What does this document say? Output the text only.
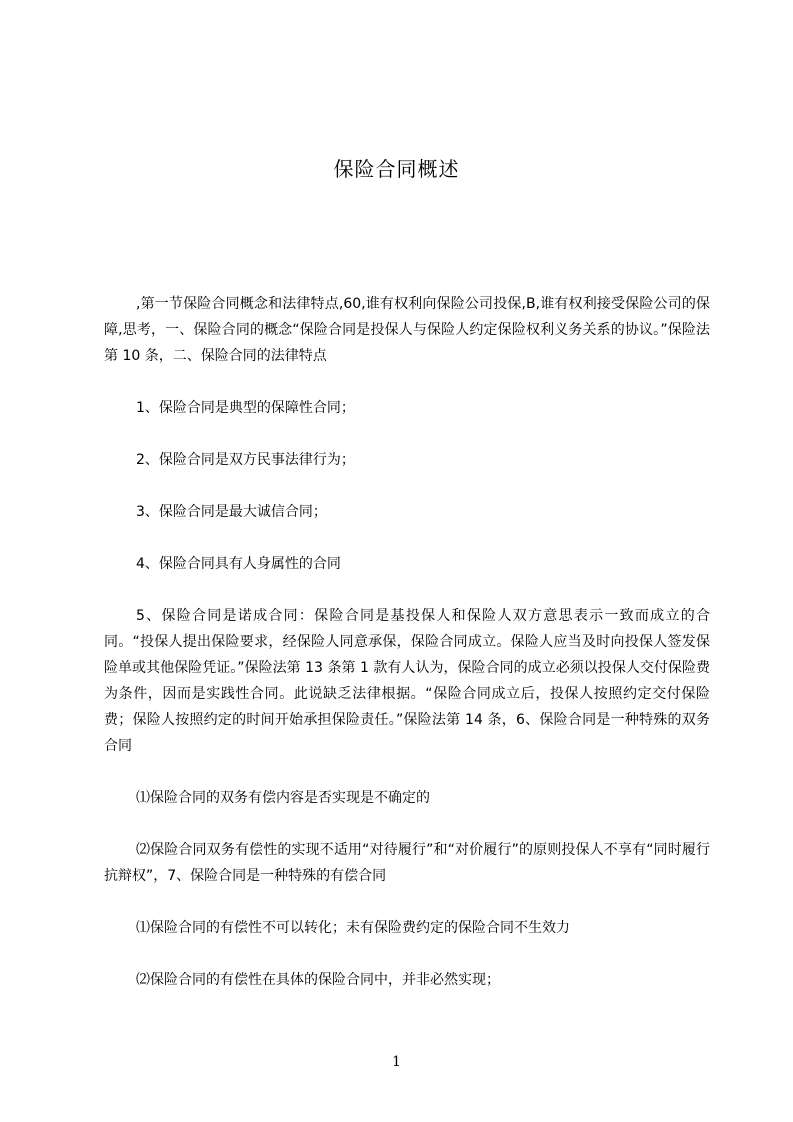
保险合同概述

,第一节保险合同概念和法律特点,60,谁有权利向保险公司投保,B,谁有权利接受保险公司的保障,思考，一、保险合同的概念“保险合同是投保人与保险人约定保险权利义务关系的协议。”保险法第 10 条，二、保险合同的法律特点

1、保险合同是典型的保障性合同；

2、保险合同是双方民事法律行为；

3、保险合同是最大诚信合同；

4、保险合同具有人身属性的合同

5、保险合同是诺成合同：保险合同是基投保人和保险人双方意思表示一致而成立的合同。“投保人提出保险要求，经保险人同意承保，保险合同成立。保险人应当及时向投保人签发保险单或其他保险凭证。”保险法第 13 条第 1 款有人认为，保险合同的成立必须以投保人交付保险费为条件，因而是实践性合同。此说缺乏法律根据。“保险合同成立后，投保人按照约定交付保险费；保险人按照约定的时间开始承担保险责任。”保险法第 14 条，6、保险合同是一种特殊的双务合同

⑴保险合同的双务有偿内容是否实现是不确定的

⑵保险合同双务有偿性的实现不适用“对待履行”和“对价履行”的原则投保人不享有“同时履行抗辩权”，7、保险合同是一种特殊的有偿合同

⑴保险合同的有偿性不可以转化；未有保险费约定的保险合同不生效力

⑵保险合同的有偿性在具体的保险合同中，并非必然实现；

1
